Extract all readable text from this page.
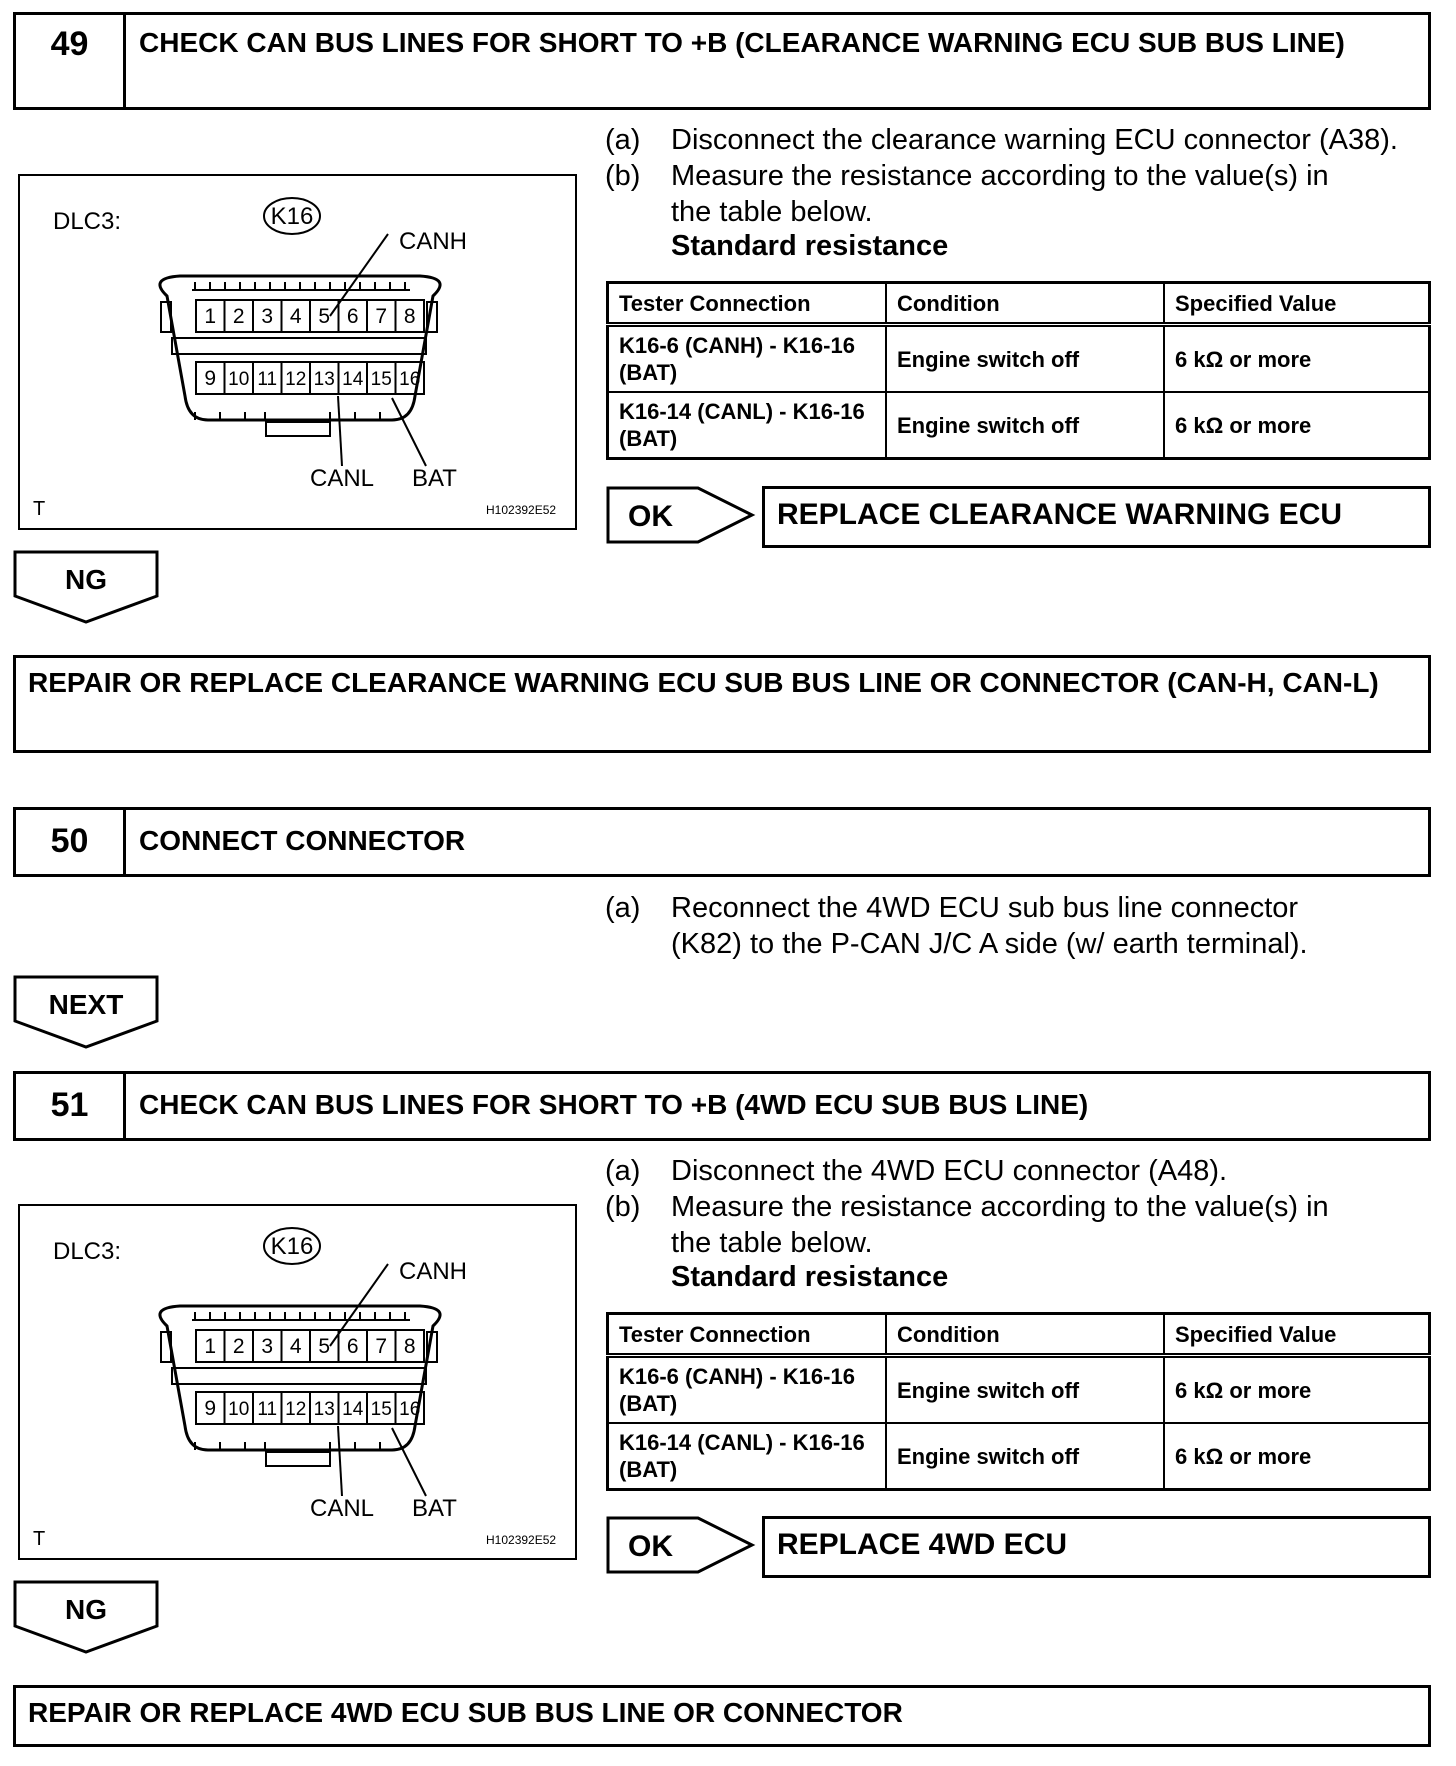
49	CHECK CAN BUS LINES FOR SHORT TO +B (CLEARANCE WARNING ECU SUB BUS LINE)
DLC3:
CANH
CANL BAT
T	H102392E52
K16
1 2 3 4 5 6 7 8
9 10 11 12 13 14 15 16
(a) Disconnect the clearance warning ECU connector (A38).
(b) Measure the resistance according to the value(s) in the table below.
Standard resistance
Tester Connection	Condition	Specified Value
K16-6 (CANH) - K16-16 (BAT)	Engine switch off	6 kΩ or more
K16-14 (CANL) - K16-16 (BAT)	Engine switch off	6 kΩ or more
OK	REPLACE CLEARANCE WARNING ECU
NG
REPAIR OR REPLACE CLEARANCE WARNING ECU SUB BUS LINE OR CONNECTOR (CAN-H, CAN-L)
50	CONNECT CONNECTOR
(a) Reconnect the 4WD ECU sub bus line connector (K82) to the P-CAN J/C A side (w/ earth terminal).
NEXT
51	CHECK CAN BUS LINES FOR SHORT TO +B (4WD ECU SUB BUS LINE)
DLC3:
CANH
CANL BAT
T	H102392E52
K16
1 2 3 4 5 6 7 8
9 10 11 12 13 14 15 16
(a) Disconnect the 4WD ECU connector (A48).
(b) Measure the resistance according to the value(s) in the table below.
Standard resistance
Tester Connection	Condition	Specified Value
K16-6 (CANH) - K16-16 (BAT)	Engine switch off	6 kΩ or more
K16-14 (CANL) - K16-16 (BAT)	Engine switch off	6 kΩ or more
OK	REPLACE 4WD ECU
NG
REPAIR OR REPLACE 4WD ECU SUB BUS LINE OR CONNECTOR
